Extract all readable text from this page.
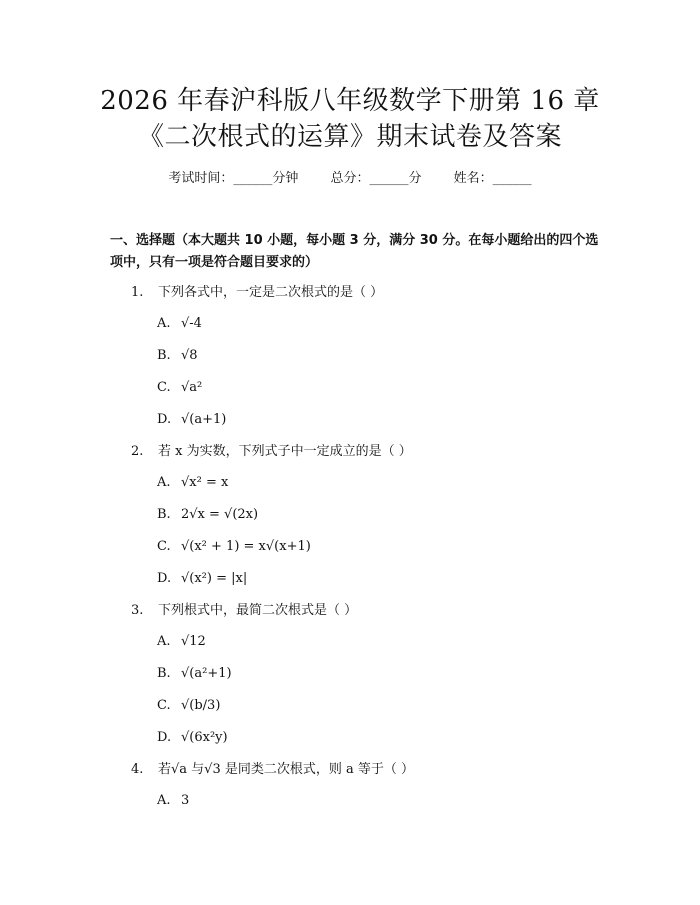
2026 年春沪科版八年级数学下册第 16 章
《二次根式的运算》期末试卷及答案
考试时间：______分钟 总分：______分 姓名：______
一、选择题（本大题共 10 小题，每小题 3 分，满分 30 分。在每小题给出的四个选项中，只有一项是符合题目要求的）
1. 下列各式中，一定是二次根式的是（ ）
A. √-4
B. √8
C. √a²
D. √(a+1)
2. 若 x 为实数，下列式子中一定成立的是（ ）
A. √x² = x
B. 2√x = √(2x)
C. √(x² + 1) = x√(x+1)
D. √(x²) = |x|
3. 下列根式中，最简二次根式是（ ）
A. √12
B. √(a²+1)
C. √(b/3)
D. √(6x²y)
4. 若√a 与√3 是同类二次根式，则 a 等于（ ）
A. 3
